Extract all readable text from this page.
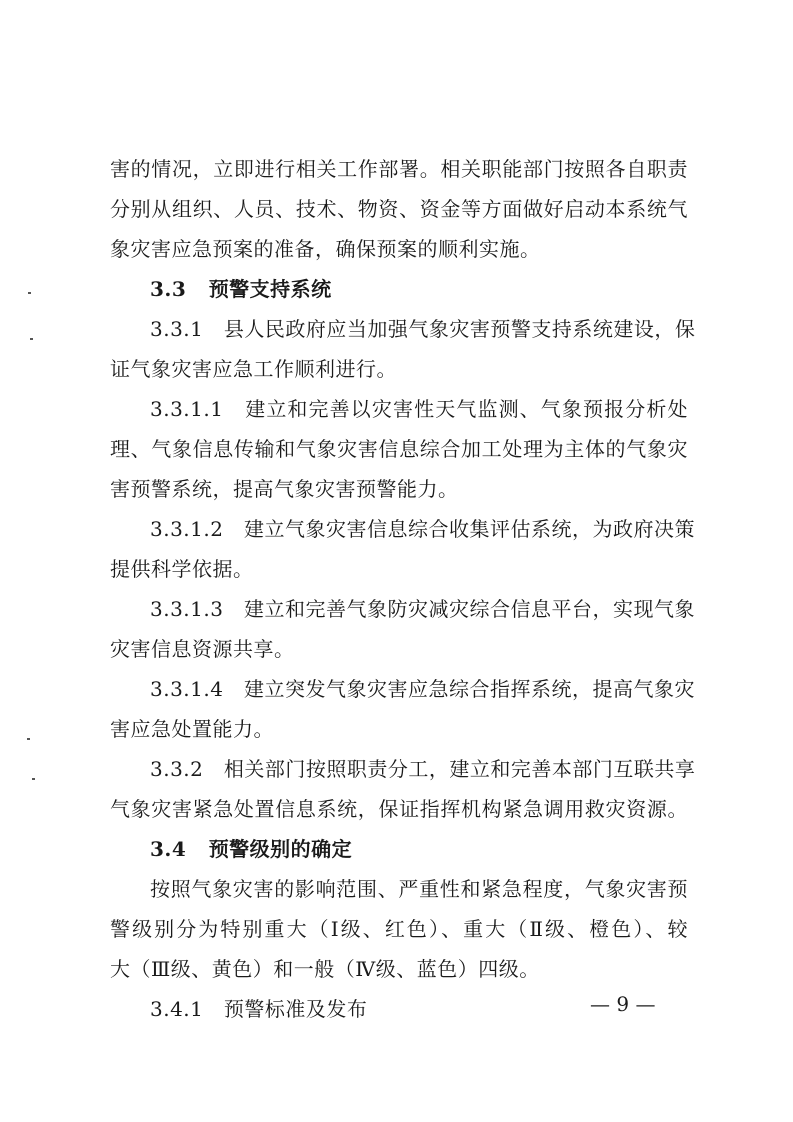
害的情况，立即进行相关工作部署。相关职能部门按照各自职责
分别从组织、人员、技术、物资、资金等方面做好启动本系统气
象灾害应急预案的准备，确保预案的顺利实施。
3.3 预警支持系统
3.3.1　县人民政府应当加强气象灾害预警支持系统建设，保
证气象灾害应急工作顺利进行。
3.3.1.1　建立和完善以灾害性天气监测、气象预报分析处
理、气象信息传输和气象灾害信息综合加工处理为主体的气象灾
害预警系统，提高气象灾害预警能力。
3.3.1.2　建立气象灾害信息综合收集评估系统，为政府决策
提供科学依据。
3.3.1.3　建立和完善气象防灾减灾综合信息平台，实现气象
灾害信息资源共享。
3.3.1.4　建立突发气象灾害应急综合指挥系统，提高气象灾
害应急处置能力。
3.3.2　相关部门按照职责分工，建立和完善本部门互联共享
气象灾害紧急处置信息系统，保证指挥机构紧急调用救灾资源。
3.4 预警级别的确定
按照气象灾害的影响范围、严重性和紧急程度，气象灾害预
警级别分为特别重大（Ⅰ级、红色）、重大（Ⅱ级、橙色）、较
大（Ⅲ级、黄色）和一般（Ⅳ级、蓝色）四级。
3.4.1　预警标准及发布	— 9 —
